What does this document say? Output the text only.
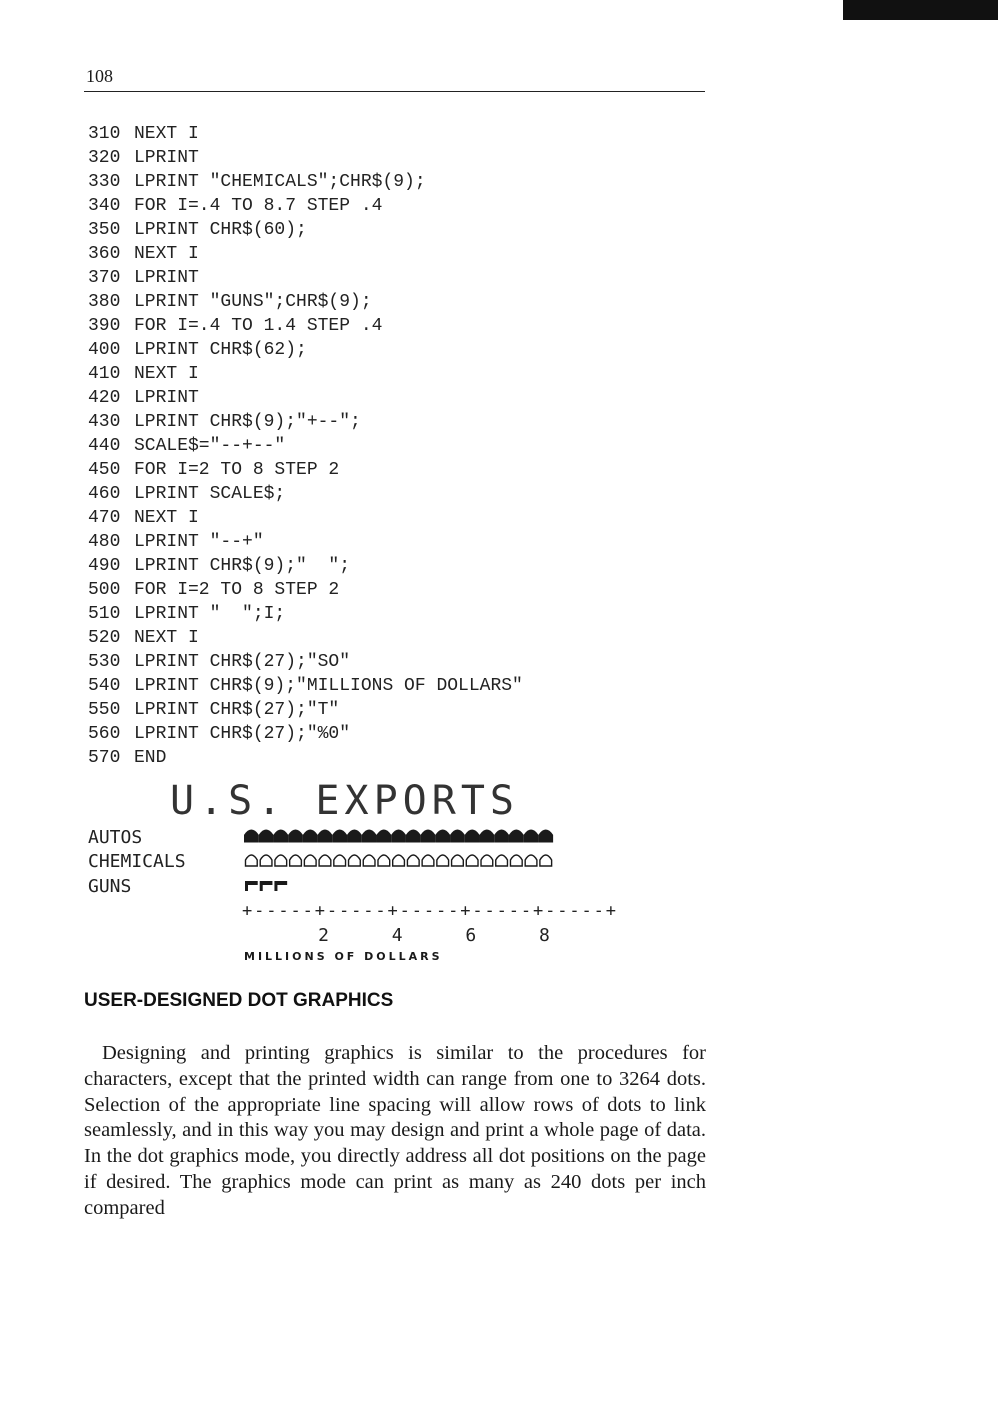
108
310 NEXT I
320 LPRINT
330 LPRINT "CHEMICALS";CHR$(9);
340 FOR I=.4 TO 8.7 STEP .4
350 LPRINT CHR$(60);
360 NEXT I
370 LPRINT
380 LPRINT "GUNS";CHR$(9);
390 FOR I=.4 TO 1.4 STEP .4
400 LPRINT CHR$(62);
410 NEXT I
420 LPRINT
430 LPRINT CHR$(9);"+--";
440 SCALE$="--+--"
450 FOR I=2 TO 8 STEP 2
460 LPRINT SCALE$;
470 NEXT I
480 LPRINT "--+"
490 LPRINT CHR$(9);"  ";
500 FOR I=2 TO 8 STEP 2
510 LPRINT "  ";I;
520 NEXT I
530 LPRINT CHR$(27);"SO"
540 LPRINT CHR$(9);"MILLIONS OF DOLLARS"
550 LPRINT CHR$(27);"T"
560 LPRINT CHR$(27);"%0"
570 END
U.S. EXPORTS
AUTOS
CHEMICALS
GUNS
+-----+-----+-----+-----+-----+
2	4	6	8
MILLIONS OF DOLLARS
USER-DESIGNED DOT GRAPHICS

Designing and printing graphics is similar to the procedures for characters, except that the printed width can range from one to 3264 dots. Selection of the appropriate line spacing will allow rows of dots to link seamlessly, and in this way you may design and print a whole page of data. In the dot graphics mode, you directly address all dot positions on the page if desired. The graphics mode can print as many as 240 dots per inch compared
